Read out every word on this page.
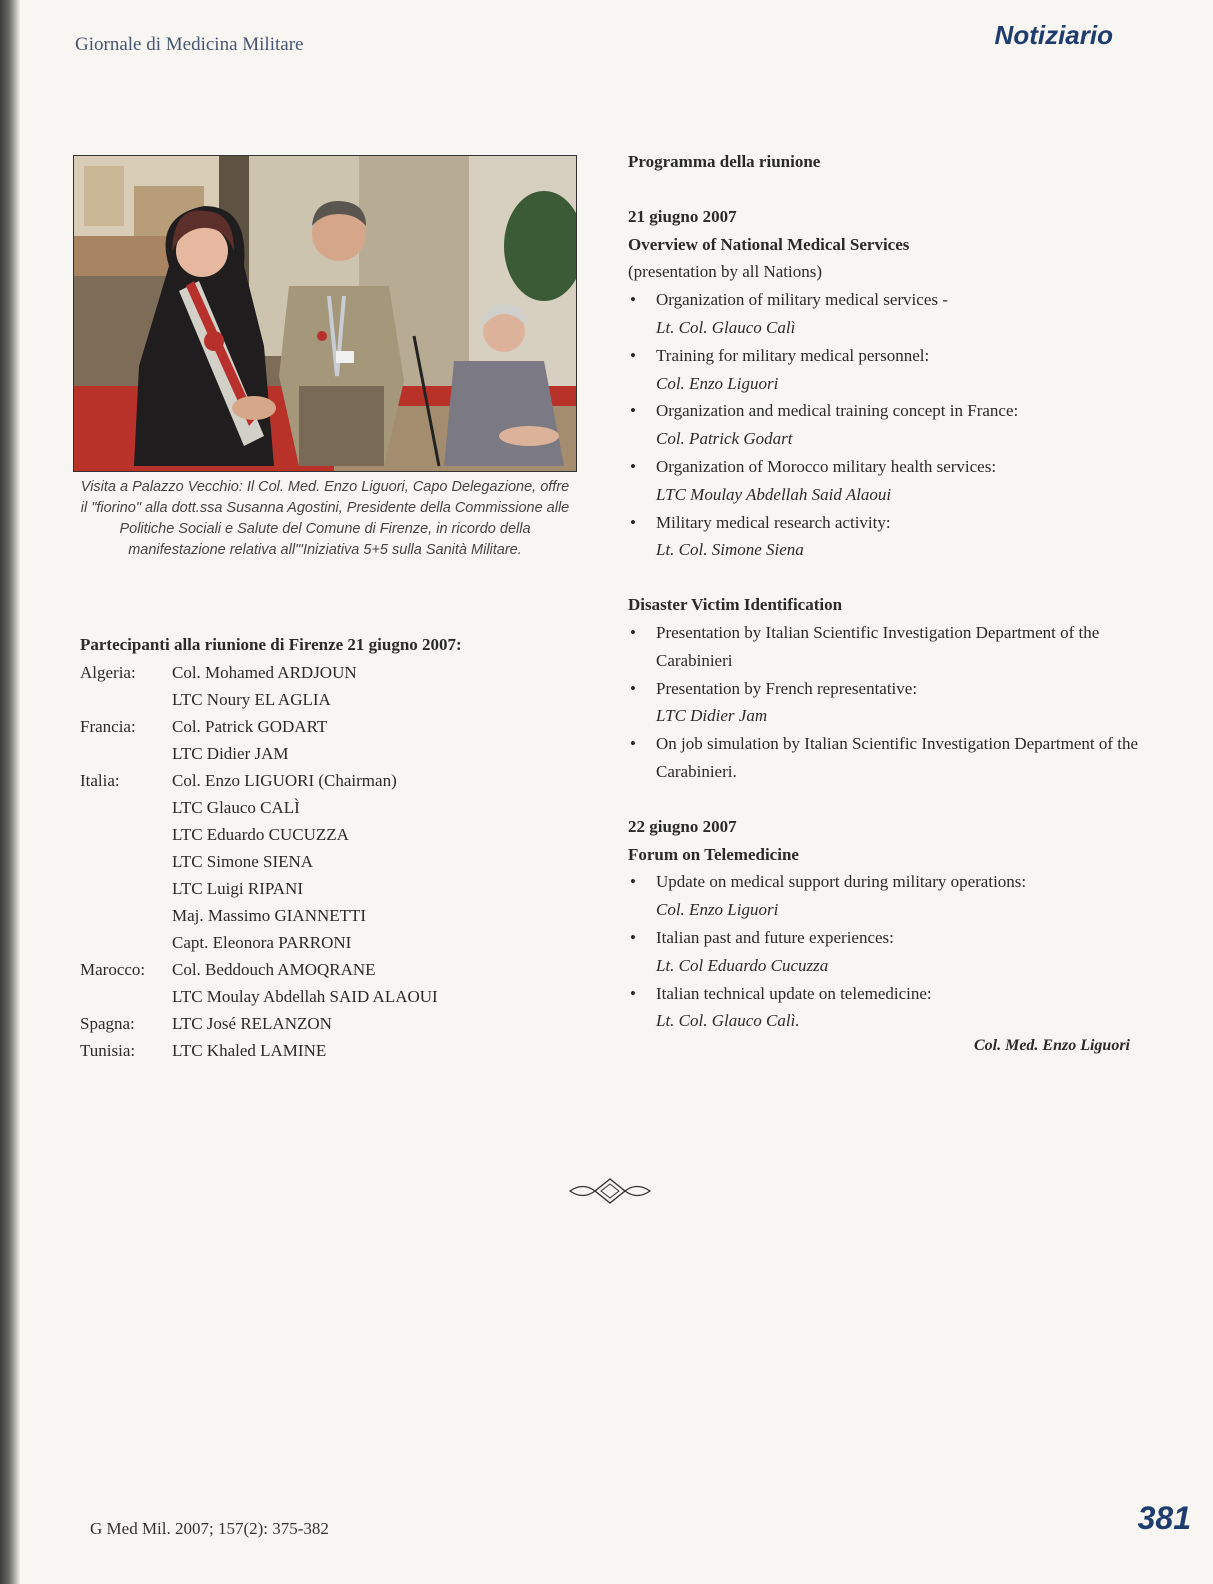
Giornale di Medicina Militare	Notiziario
Visita a Palazzo Vecchio: Il Col. Med. Enzo Liguori, Capo Delegazione, offre il "fiorino" alla dott.ssa Susanna Agostini, Presidente della Commissione alle Politiche Sociali e Salute del Comune di Firenze, in ricordo della manifestazione relativa all'"Iniziativa 5+5 sulla Sanità Militare.
Partecipanti alla riunione di Firenze 21 giugno 2007:
Algeria:	Col. Mohamed ARDJOUN
LTC Noury EL AGLIA
Francia:	Col. Patrick GODART
LTC Didier JAM
Italia:	Col. Enzo LIGUORI (Chairman)
LTC Glauco CALÌ
LTC Eduardo CUCUZZA
LTC Simone SIENA
LTC Luigi RIPANI
Maj. Massimo GIANNETTI
Capt. Eleonora PARRONI
Marocco:	Col. Beddouch AMOQRANE
LTC Moulay Abdellah SAID ALAOUI
Spagna:	LTC José RELANZON
Tunisia:	LTC Khaled LAMINE
Programma della riunione
21 giugno 2007
Overview of National Medical Services
(presentation by all Nations)
• Organization of military medical services -
Lt. Col. Glauco Calì
• Training for military medical personnel:
Col. Enzo Liguori
• Organization and medical training concept in France:
Col. Patrick Godart
• Organization of Morocco military health services:
LTC Moulay Abdellah Said Alaoui
• Military medical research activity:
Lt. Col. Simone Siena
Disaster Victim Identification
• Presentation by Italian Scientific Investigation Department of the Carabinieri
• Presentation by French representative:
LTC Didier Jam
• On job simulation by Italian Scientific Investigation Department of the Carabinieri.
22 giugno 2007
Forum on Telemedicine
• Update on medical support during military operations:
Col. Enzo Liguori
• Italian past and future experiences:
Lt. Col Eduardo Cucuzza
• Italian technical update on telemedicine:
Lt. Col. Glauco Calì.
Col. Med. Enzo Liguori
G Med Mil. 2007; 157(2): 375-382	381
